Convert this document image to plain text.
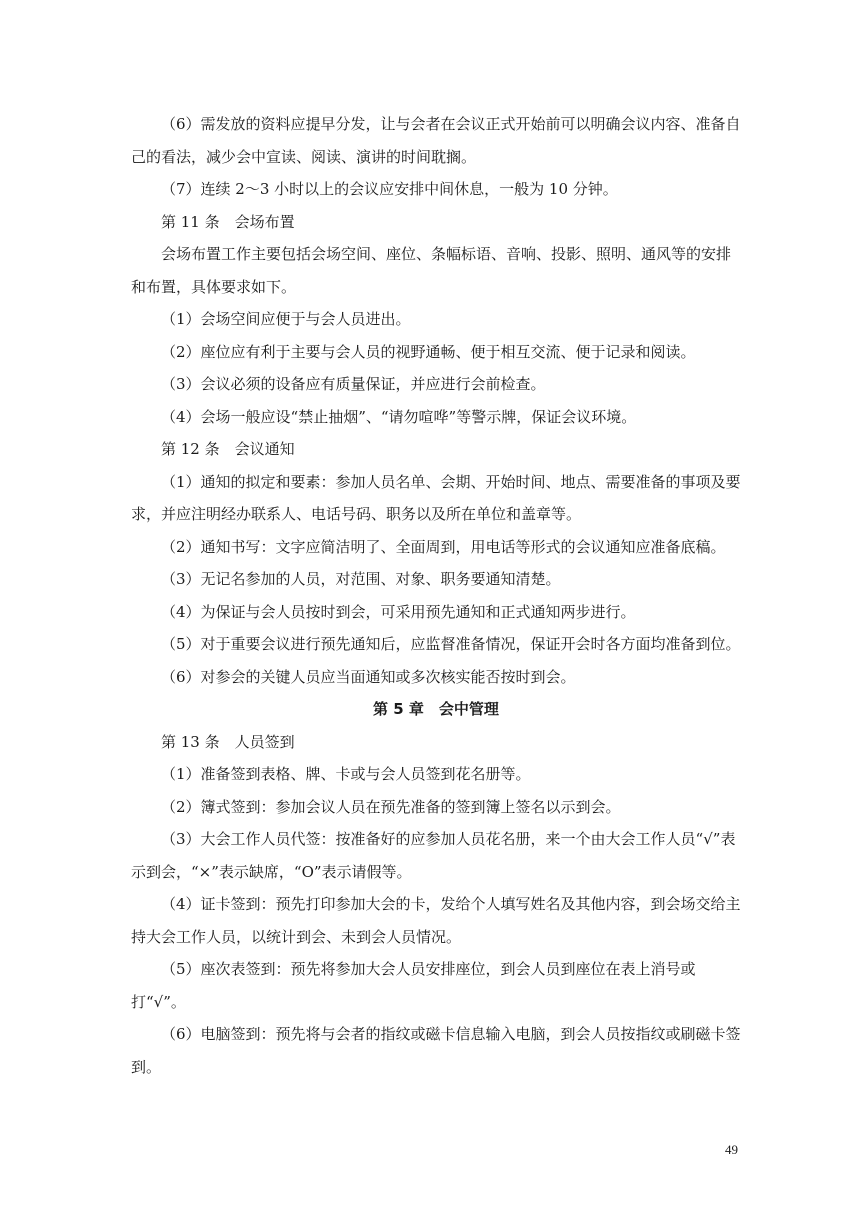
（6）需发放的资料应提早分发，让与会者在会议正式开始前可以明确会议内容、准备自己的看法，减少会中宣读、阅读、演讲的时间耽搁。

（7）连续 2～3 小时以上的会议应安排中间休息，一般为 10 分钟。

第 11 条　会场布置

会场布置工作主要包括会场空间、座位、条幅标语、音响、投影、照明、通风等的安排和布置，具体要求如下。

（1）会场空间应便于与会人员进出。

（2）座位应有利于主要与会人员的视野通畅、便于相互交流、便于记录和阅读。

（3）会议必须的设备应有质量保证，并应进行会前检查。

（4）会场一般应设“禁止抽烟”、“请勿喧哗”等警示牌，保证会议环境。

第 12 条　会议通知

（1）通知的拟定和要素：参加人员名单、会期、开始时间、地点、需要准备的事项及要求，并应注明经办联系人、电话号码、职务以及所在单位和盖章等。

（2）通知书写：文字应简洁明了、全面周到，用电话等形式的会议通知应准备底稿。

（3）无记名参加的人员，对范围、对象、职务要通知清楚。

（4）为保证与会人员按时到会，可采用预先通知和正式通知两步进行。

（5）对于重要会议进行预先通知后，应监督准备情况，保证开会时各方面均准备到位。

（6）对参会的关键人员应当面通知或多次核实能否按时到会。

第 5 章　会中管理

第 13 条　人员签到

（1）准备签到表格、牌、卡或与会人员签到花名册等。

（2）簿式签到：参加会议人员在预先准备的签到簿上签名以示到会。

（3）大会工作人员代签：按准备好的应参加人员花名册，来一个由大会工作人员“√”表示到会，“×”表示缺席，“O”表示请假等。

（4）证卡签到：预先打印参加大会的卡，发给个人填写姓名及其他内容，到会场交给主持大会工作人员，以统计到会、未到会人员情况。

（5）座次表签到：预先将参加大会人员安排座位，到会人员到座位在表上消号或打“√”。

（6）电脑签到：预先将与会者的指纹或磁卡信息输入电脑，到会人员按指纹或刷磁卡签到。

49
